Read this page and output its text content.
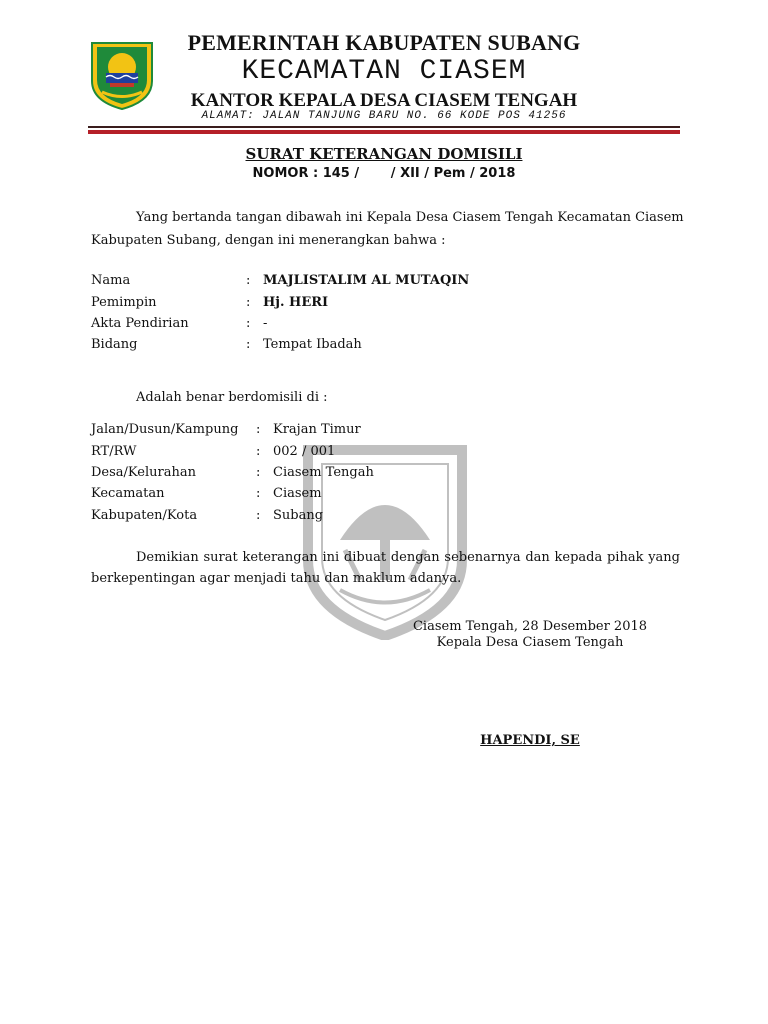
PEMERINTAH KABUPATEN SUBANG
KECAMATAN CIASEM
KANTOR KEPALA DESA CIASEM TENGAH
ALAMAT: JALAN TANJUNG BARU NO. 66 KODE POS 41256
SURAT KETERANGAN DOMISILI
NOMOR : 145 /       / XII / Pem / 2018
Yang bertanda tangan dibawah ini Kepala Desa Ciasem Tengah Kecamatan Ciasem
Kabupaten Subang, dengan ini menerangkan bahwa :
Nama	: MAJLISTALIM AL MUTAQIN
Pemimpin	: Hj. HERI
Akta Pendirian	: -
Bidang	: Tempat Ibadah
Adalah benar berdomisili di :
Jalan/Dusun/Kampung : Krajan Timur
RT/RW	: 002 / 001
Desa/Kelurahan	: Ciasem Tengah
Kecamatan	: Ciasem
Kabupaten/Kota	: Subang
Demikian surat keterangan ini dibuat dengan sebenarnya dan kepada pihak yang
berkepentingan agar menjadi tahu dan maklum adanya.
Ciasem Tengah, 28 Desember 2018
Kepala Desa Ciasem Tengah
HAPENDI, SE
